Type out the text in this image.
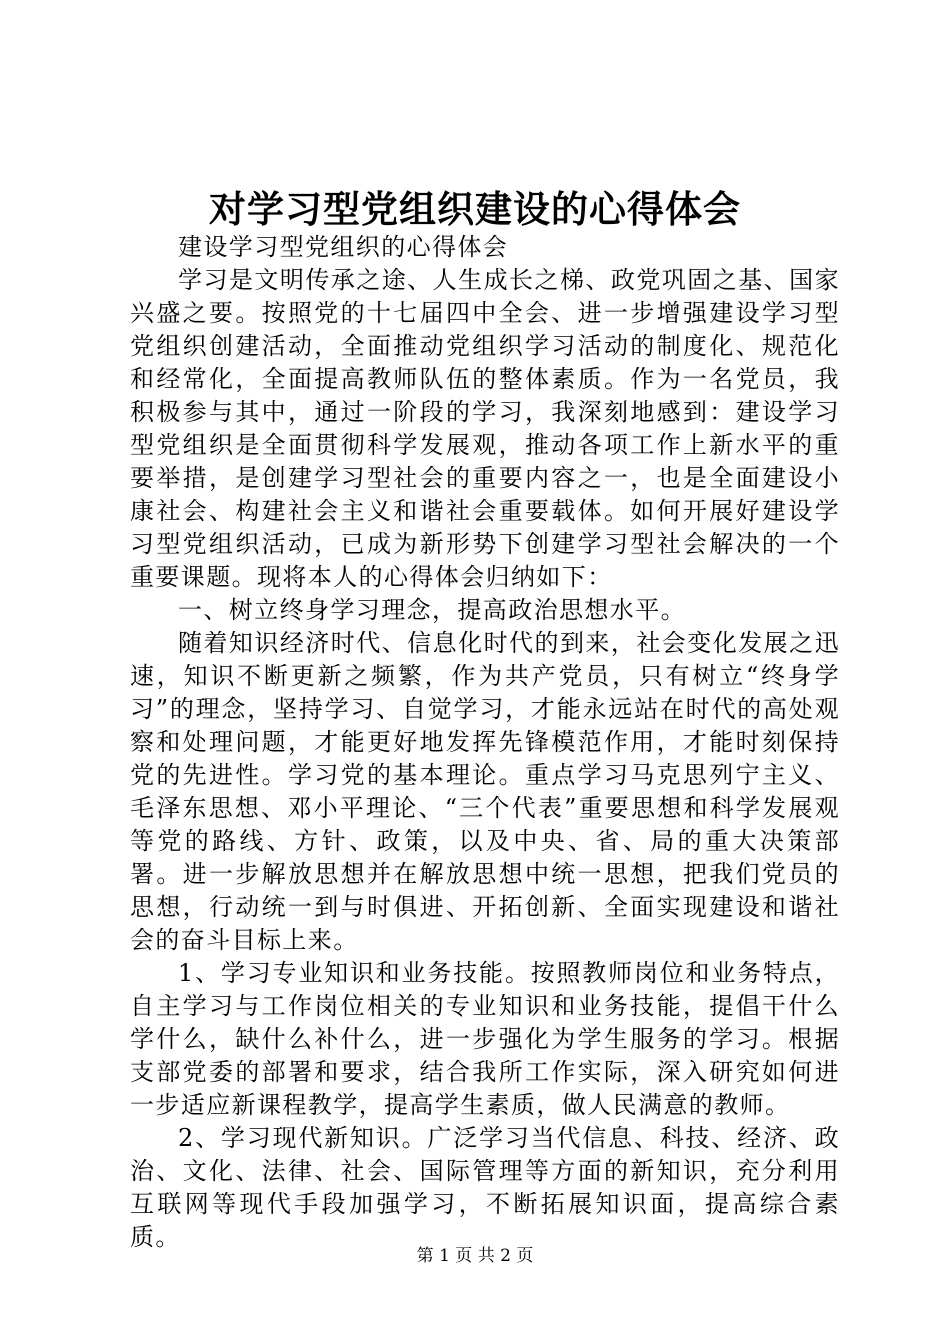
对学习型党组织建设的心得体会

建设学习型党组织的心得体会

学习是文明传承之途、人生成长之梯、政党巩固之基、国家兴盛之要。按照党的十七届四中全会、进一步增强建设学习型党组织创建活动，全面推动党组织学习活动的制度化、规范化和经常化，全面提高教师队伍的整体素质。作为一名党员，我积极参与其中，通过一阶段的学习，我深刻地感到：建设学习型党组织是全面贯彻科学发展观，推动各项工作上新水平的重要举措，是创建学习型社会的重要内容之一，也是全面建设小康社会、构建社会主义和谐社会重要载体。如何开展好建设学习型党组织活动，已成为新形势下创建学习型社会解决的一个重要课题。现将本人的心得体会归纳如下：

一、树立终身学习理念，提高政治思想水平。

随着知识经济时代、信息化时代的到来，社会变化发展之迅速，知识不断更新之频繁，作为共产党员，只有树立“终身学习”的理念，坚持学习、自觉学习，才能永远站在时代的高处观察和处理问题，才能更好地发挥先锋模范作用，才能时刻保持党的先进性。学习党的基本理论。重点学习马克思列宁主义、毛泽东思想、邓小平理论、“三个代表”重要思想和科学发展观等党的路线、方针、政策，以及中央、省、局的重大决策部署。进一步解放思想并在解放思想中统一思想，把我们党员的思想，行动统一到与时俱进、开拓创新、全面实现建设和谐社会的奋斗目标上来。

1、学习专业知识和业务技能。按照教师岗位和业务特点，自主学习与工作岗位相关的专业知识和业务技能，提倡干什么学什么，缺什么补什么，进一步强化为学生服务的学习。根据支部党委的部署和要求，结合我所工作实际，深入研究如何进一步适应新课程教学，提高学生素质，做人民满意的教师。

2、学习现代新知识。广泛学习当代信息、科技、经济、政治、文化、法律、社会、国际管理等方面的新知识，充分利用互联网等现代手段加强学习，不断拓展知识面，提高综合素质。

第 1 页 共 2 页
